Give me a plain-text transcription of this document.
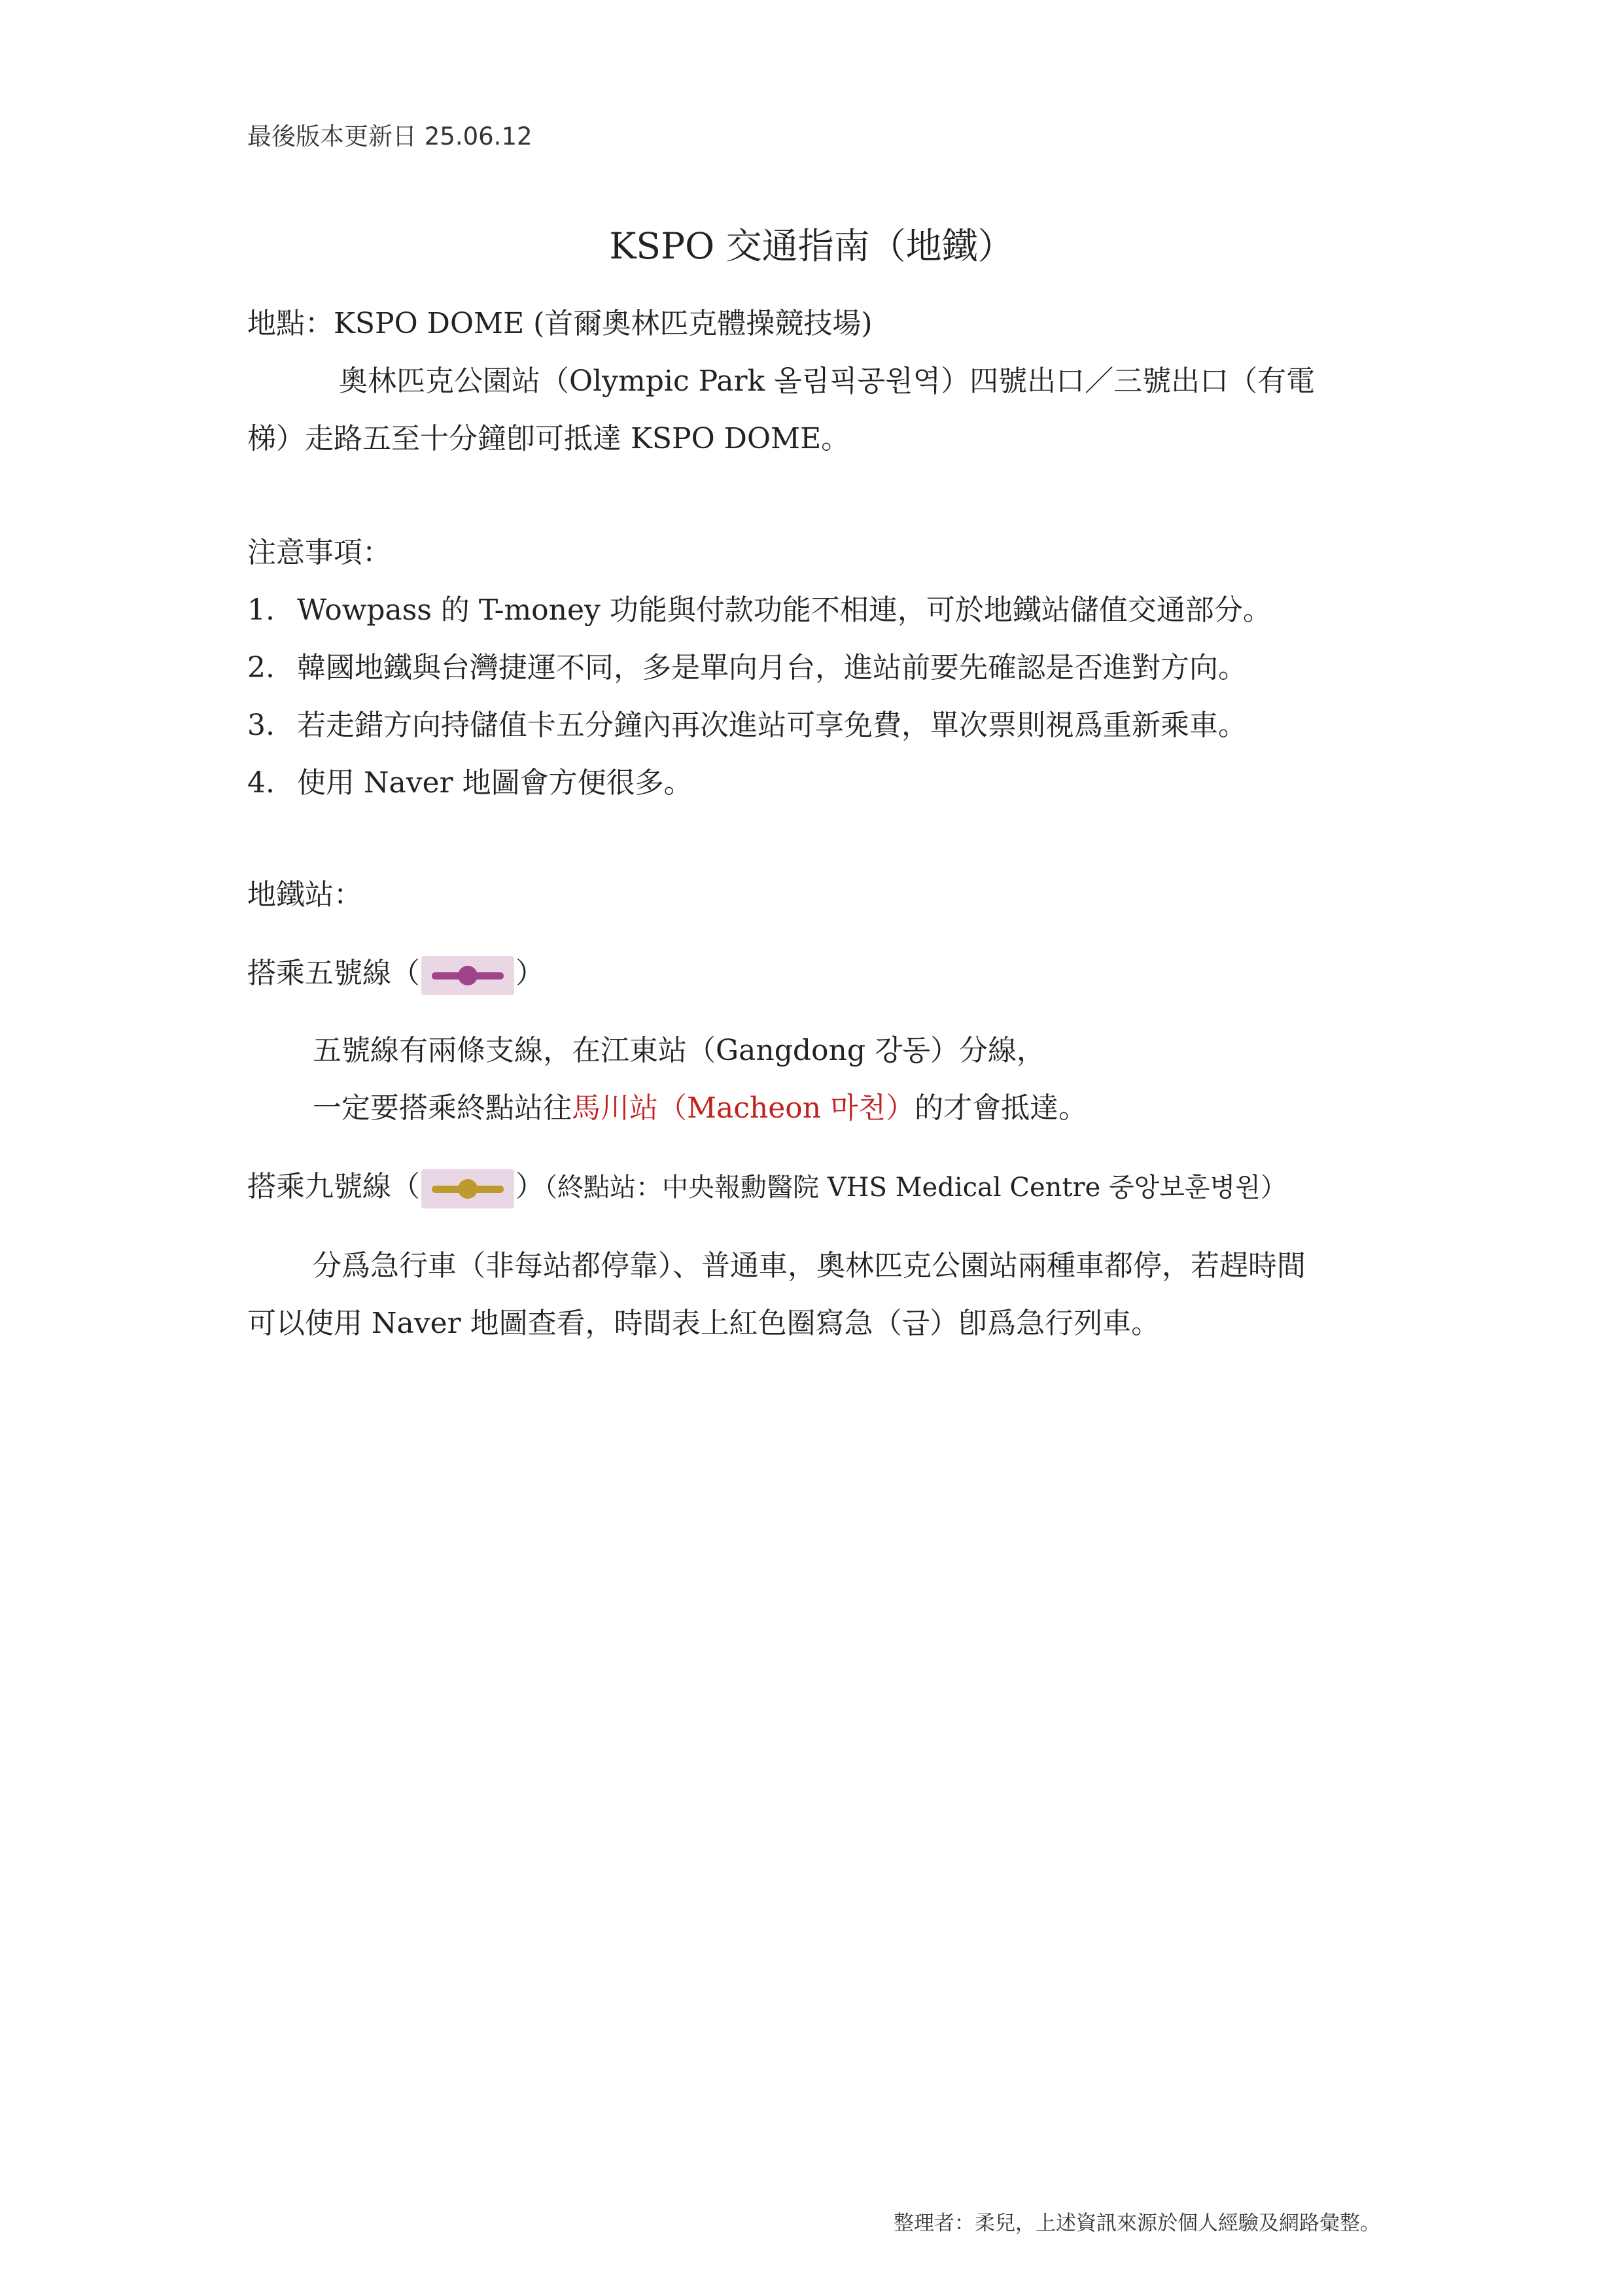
最後版本更新日 25.06.12
KSPO 交通指南（地鐵）
地點：KSPO DOME (首爾奧林匹克體操競技場)
奧林匹克公園站（Olympic Park 올림픽공원역）四號出口／三號出口（有電
梯）走路五至十分鐘卽可抵達 KSPO DOME。
注意事項：
1. Wowpass 的 T-money 功能與付款功能不相連，可於地鐵站儲值交通部分。
2. 韓國地鐵與台灣捷運不同，多是單向月台，進站前要先確認是否進對方向。
3. 若走錯方向持儲值卡五分鐘內再次進站可享免費，單次票則視爲重新乘車。
4. 使用 Naver 地圖會方便很多。
地鐵站：
搭乘五號線（	）
五號線有兩條支線，在江東站（Gangdong 강동）分線，
一定要搭乘終點站往馬川站（Macheon 마천）的才會抵達。
搭乘九號線（	）（終點站：中央報勳醫院 VHS Medical Centre 중앙보훈병원）
分爲急行車（非每站都停靠）、普通車，奧林匹克公園站兩種車都停，若趕時間
可以使用 Naver 地圖查看，時間表上紅色圈寫急（급）卽爲急行列車。
整理者：柔兒，上述資訊來源於個人經驗及網路彙整。
